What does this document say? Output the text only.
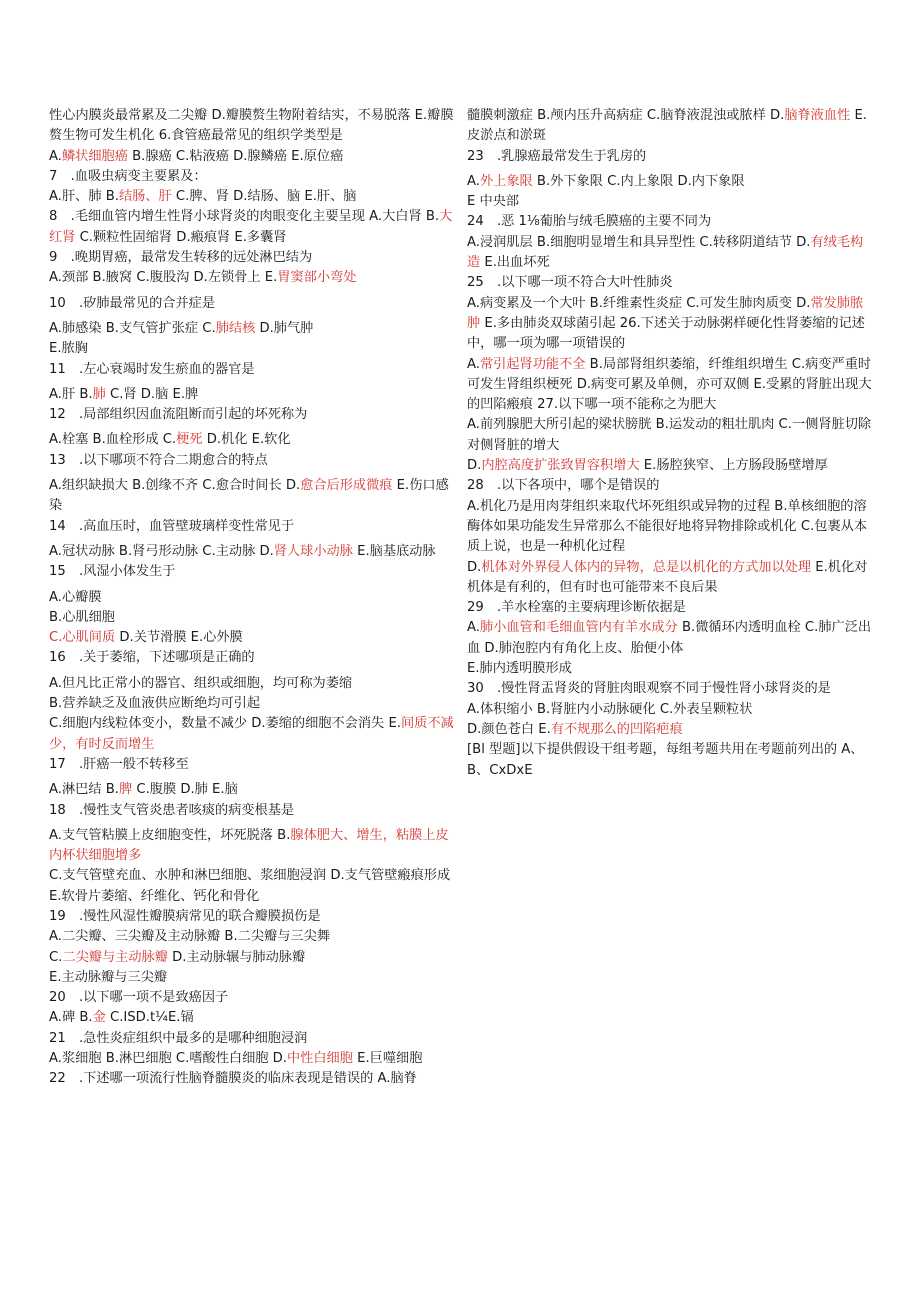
性心内膜炎最常累及二尖瓣 D.瓣膜赘生物附着结实，不易脱落 E.瓣膜赘生物可发生机化 6.食管癌最常见的组织学类型是

A.鳞状细胞癌 B.腺癌 C.粘液癌 D.腺鳞癌 E.原位癌

7　.血吸虫病变主要累及：

A.肝、肺 B.结肠、肝 C.脾、肾 D.结肠、脑 E.肝、脑

8　.毛细血管内增生性肾小球肾炎的肉眼变化主要呈现 A.大白肾 B.大红肾 C.颗粒性固缩肾 D.瘢痕肾 E.多囊肾

9　.晚期胃癌，最常发生转移的远处淋巴结为

A.颈部 B.腋窝 C.腹股沟 D.左锁骨上 E.胃窦部小弯处

10　.矽肺最常见的合并症是

A.肺感染 B.支气管扩张症 C.肺结核 D.肺气肿

E.脓胸

11　.左心衰竭时发生瘀血的器官是

A.肝 B.肺 C.肾 D.脑 E.脾

12　.局部组织因血流阻断而引起的坏死称为

A.栓塞 B.血栓形成 C.梗死 D.机化 E.软化

13　.以下哪项不符合二期愈合的特点

A.组织缺损大 B.创缘不齐 C.愈合时间长 D.愈合后形成微痕 E.伤口感染

14　.高血压时，血管壁玻璃样变性常见于

A.冠状动脉 B.肾弓形动脉 C.主动脉 D.肾人球小动脉 E.脑基底动脉

15　.风湿小体发生于

A.心瓣膜

B.心肌细胞

C.心肌间质 D.关节滑膜 E.心外膜

16　.关于萎缩，下述哪项是正确的

A.但凡比正常小的器官、组织或细胞，均可称为萎缩

B.营养缺乏及血液供应断绝均可引起

C.细胞内线粒体变小，数量不减少 D.萎缩的细胞不会消失 E.间质不减少，有时反而增生

17　.肝癌一般不转移至

A.淋巴结 B.脾 C.腹膜 D.肺 E.脑

18　.慢性支气管炎患者咳痰的病变根基是

A.支气管粘膜上皮细胞变性，坏死脱落 B.腺体肥大、增生，粘膜上皮内杯状细胞增多

C.支气管壁充血、水肿和淋巴细胞、浆细胞浸润 D.支气管壁瘢痕形成 E.软骨片萎缩、纤维化、钙化和骨化

19　.慢性风湿性瓣膜病常见的联合瓣膜损伤是

A.二尖瓣、三尖瓣及主动脉瓣 B.二尖瓣与三尖舞

C.二尖瓣与主动脉瓣 D.主动脉辗与肺动脉瓣

E.主动脉瓣与三尖瓣

20　.以下哪一项不是致癌因子

A.碑 B.金 C.ISD.t¼E.镉

21　.急性炎症组织中最多的是哪种细胞浸润

A.浆细胞 B.淋巴细胞 C.嗜酸性白细胞 D.中性白细胞 E.巨噬细胞

22　.下述哪一项流行性脑脊髓膜炎的临床表现是错误的 A.脑脊

髓膜刺激症 B.颅内压升高病症 C.脑脊液混浊或脓样 D.脑脊液血性 E.皮淤点和淤斑

23　.乳腺癌最常发生于乳房的

A.外上象限 B.外下象限 C.内上象限 D.内下象限

E 中央部

24　.恶 1⅛葡胎与绒毛膜癌的主要不同为

A.浸润肌层 B.细胞明显增生和具异型性 C.转移阴道结节 D.有绒毛构造 E.出血坏死

25　.以下哪一项不符合大叶性肺炎

A.病变累及一个大叶 B.纤维素性炎症 C.可发生肺肉质变 D.常发肺脓肿 E.多由肺炎双球菌引起 26.下述关于动脉粥样硬化性肾萎缩的记述中，哪一项为哪一项错误的

A.常引起肾功能不全 B.局部肾组织萎缩，纤维组织增生 C.病变严重时可发生肾组织梗死 D.病变可累及单侧，亦可双侧 E.受累的肾脏出现大的凹陷瘢痕 27.以下哪一项不能称之为肥大

A.前列腺肥大所引起的梁状膀胱 B.运发动的粗壮肌肉 C.一侧肾脏切除对侧肾脏的增大

D.内腔高度扩张致胃容积增大 E.肠腔狭窄、上方肠段肠壁增厚

28　.以下各项中，哪个是错误的

A.机化乃是用肉芽组织来取代坏死组织或异物的过程 B.单核细胞的溶酶体如果功能发生异常那么不能很好地将异物排除或机化 C.包裹从本质上说，也是一种机化过程

D.机体对外界侵人体内的异物，总是以机化的方式加以处理 E.机化对机体是有利的，但有时也可能带来不良后果

29　.羊水栓塞的主要病理诊断依据是

A.肺小血管和毛细血管内有羊水成分 B.微循环内透明血栓 C.肺广泛出血 D.肺泡腔内有角化上皮、胎便小体

E.肺内透明膜形成

30　.慢性肾盂肾炎的肾脏肉眼观察不同于慢性肾小球肾炎的是

A.体积缩小 B.肾脏内小动脉硬化 C.外表呈颗粒状

D.颜色苍白 E.有不规那么的凹陷疤痕

[Bl 型题]以下提供假设干组考题，每组考题共用在考题前列出的 A、B、CxDxE
